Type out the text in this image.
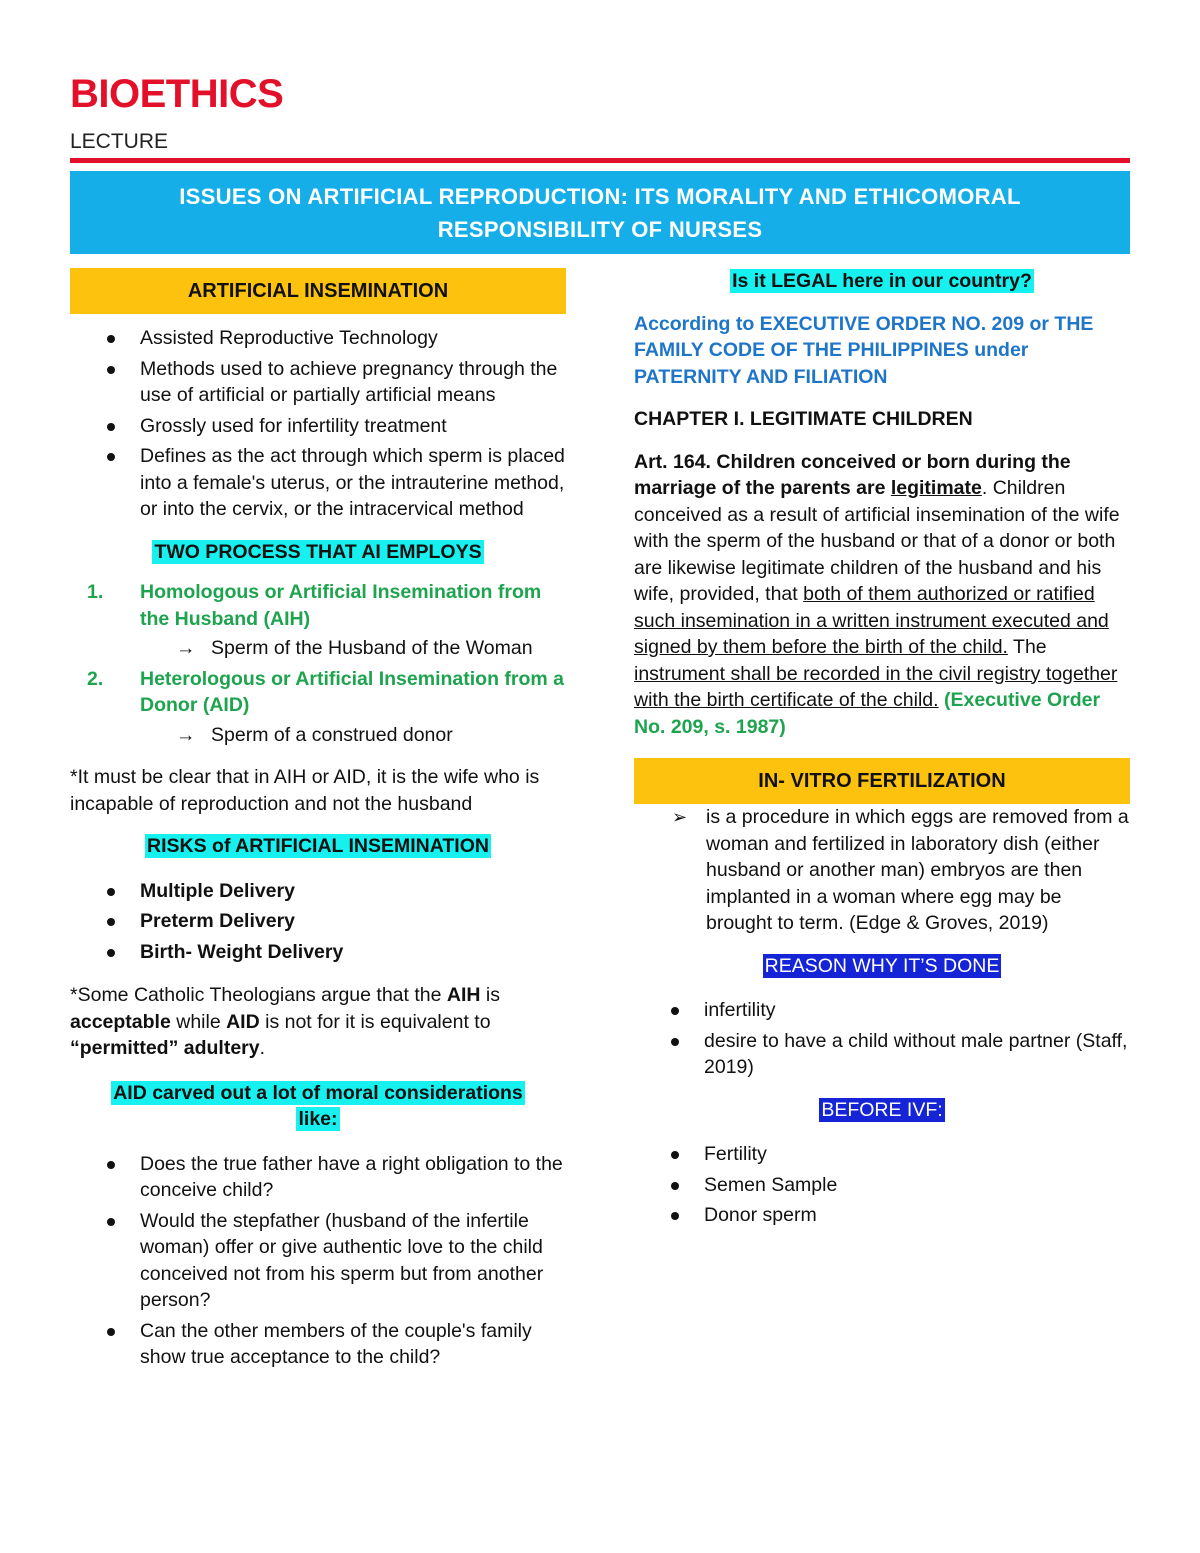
BIOETHICS
LECTURE
ISSUES ON ARTIFICIAL REPRODUCTION: ITS MORALITY AND ETHICOMORAL
RESPONSIBILITY OF NURSES
ARTIFICIAL INSEMINATION
Assisted Reproductive Technology
Methods used to achieve pregnancy through the use of artificial or partially artificial means
Grossly used for infertility treatment
Defines as the act through which sperm is placed into a female's uterus, or the intrauterine method, or into the cervix, or the intracervical method

TWO PROCESS THAT AI EMPLOYS

1. Homologous or Artificial Insemination from the Husband (AIH)
→ Sperm of the Husband of the Woman
2. Heterologous or Artificial Insemination from a Donor (AID)
→ Sperm of a construed donor

*It must be clear that in AIH or AID, it is the wife who is incapable of reproduction and not the husband

RISKS of ARTIFICIAL INSEMINATION

Multiple Delivery
Preterm Delivery
Birth- Weight Delivery

*Some Catholic Theologians argue that the AIH is acceptable while AID is not for it is equivalent to “permitted” adultery.

AID carved out a lot of moral considerations
like:
Does the true father have a right obligation to the conceive child?
Would the stepfather (husband of the infertile woman) offer or give authentic love to the child conceived not from his sperm but from another person?
Can the other members of the couple's family show true acceptance to the child?

Is it LEGAL here in our country?

According to EXECUTIVE ORDER NO. 209 or THE FAMILY CODE OF THE PHILIPPINES under PATERNITY AND FILIATION

CHAPTER I. LEGITIMATE CHILDREN

Art. 164. Children conceived or born during the marriage of the parents are legitimate. Children conceived as a result of artificial insemination of the wife with the sperm of the husband or that of a donor or both are likewise legitimate children of the husband and his wife, provided, that both of them authorized or ratified such insemination in a written instrument executed and signed by them before the birth of the child. The instrument shall be recorded in the civil registry together with the birth certificate of the child. (Executive Order No. 209, s. 1987)

IN- VITRO FERTILIZATION
➢ is a procedure in which eggs are removed from a woman and fertilized in laboratory dish (either husband or another man) embryos are then implanted in a woman where egg may be brought to term. (Edge & Groves, 2019)

REASON WHY IT’S DONE

infertility
desire to have a child without male partner (Staff, 2019)

BEFORE IVF:

Fertility
Semen Sample
Donor sperm
